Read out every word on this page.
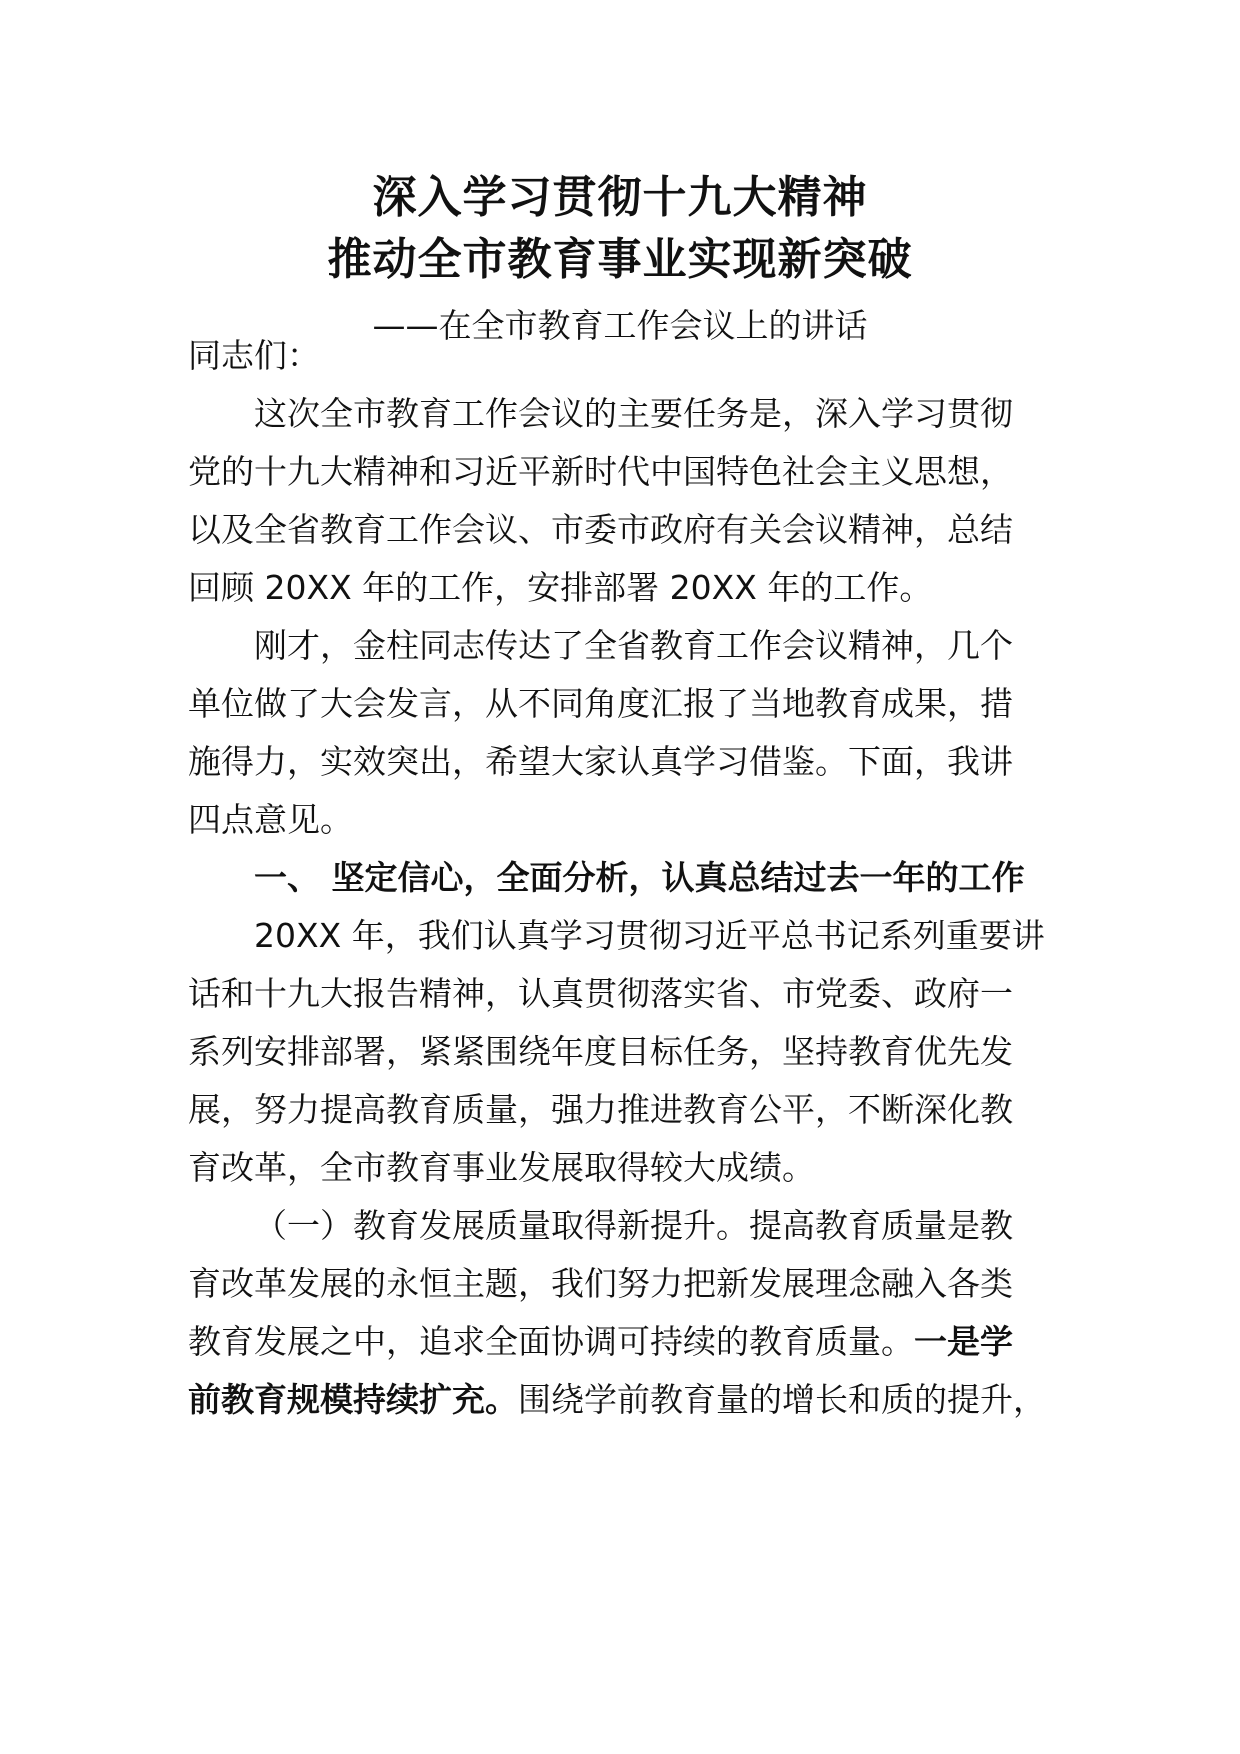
深入学习贯彻十九大精神
推动全市教育事业实现新突破
——在全市教育工作会议上的讲话
同志们：
这次全市教育工作会议的主要任务是，深入学习贯彻
党的十九大精神和习近平新时代中国特色社会主义思想，
以及全省教育工作会议、市委市政府有关会议精神，总结
回顾 20XX 年的工作，安排部署 20XX 年的工作。
刚才，金柱同志传达了全省教育工作会议精神，几个
单位做了大会发言，从不同角度汇报了当地教育成果，措
施得力，实效突出，希望大家认真学习借鉴。下面，我讲
四点意见。
一、 坚定信心，全面分析，认真总结过去一年的工作
20XX 年，我们认真学习贯彻习近平总书记系列重要讲
话和十九大报告精神，认真贯彻落实省、市党委、政府一
系列安排部署，紧紧围绕年度目标任务，坚持教育优先发
展，努力提高教育质量，强力推进教育公平，不断深化教
育改革，全市教育事业发展取得较大成绩。
（一）教育发展质量取得新提升。提高教育质量是教
育改革发展的永恒主题，我们努力把新发展理念融入各类
教育发展之中，追求全面协调可持续的教育质量。一是学
前教育规模持续扩充。围绕学前教育量的增长和质的提升，
